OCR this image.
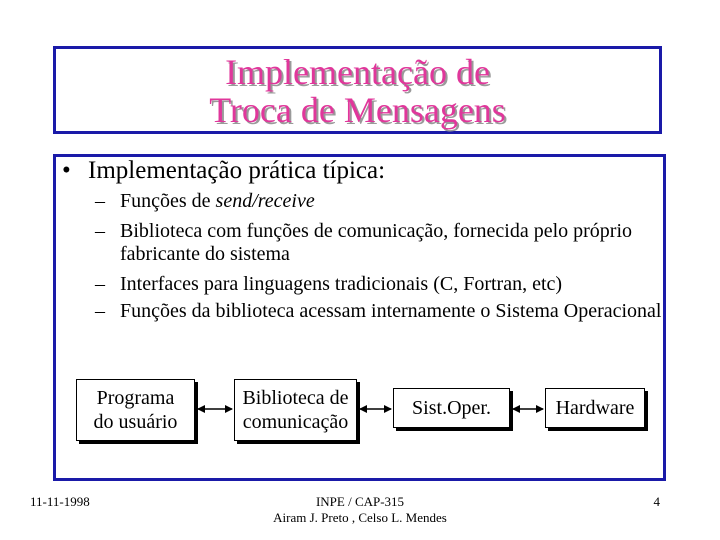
Implementação de
Troca de Mensagens
• Implementação prática típica:
– Funções de send/receive
– Biblioteca com funções de comunicação, fornecida pelo próprio fabricante do sistema
– Interfaces para linguagens tradicionais (C, Fortran, etc)
– Funções da biblioteca acessam internamente o Sistema Operacional
Programa
do usuário
Biblioteca de
comunicação
Sist.Oper.	Hardware
11-11-1998	INPE / CAP-315
Airam J. Preto , Celso L. Mendes
4
